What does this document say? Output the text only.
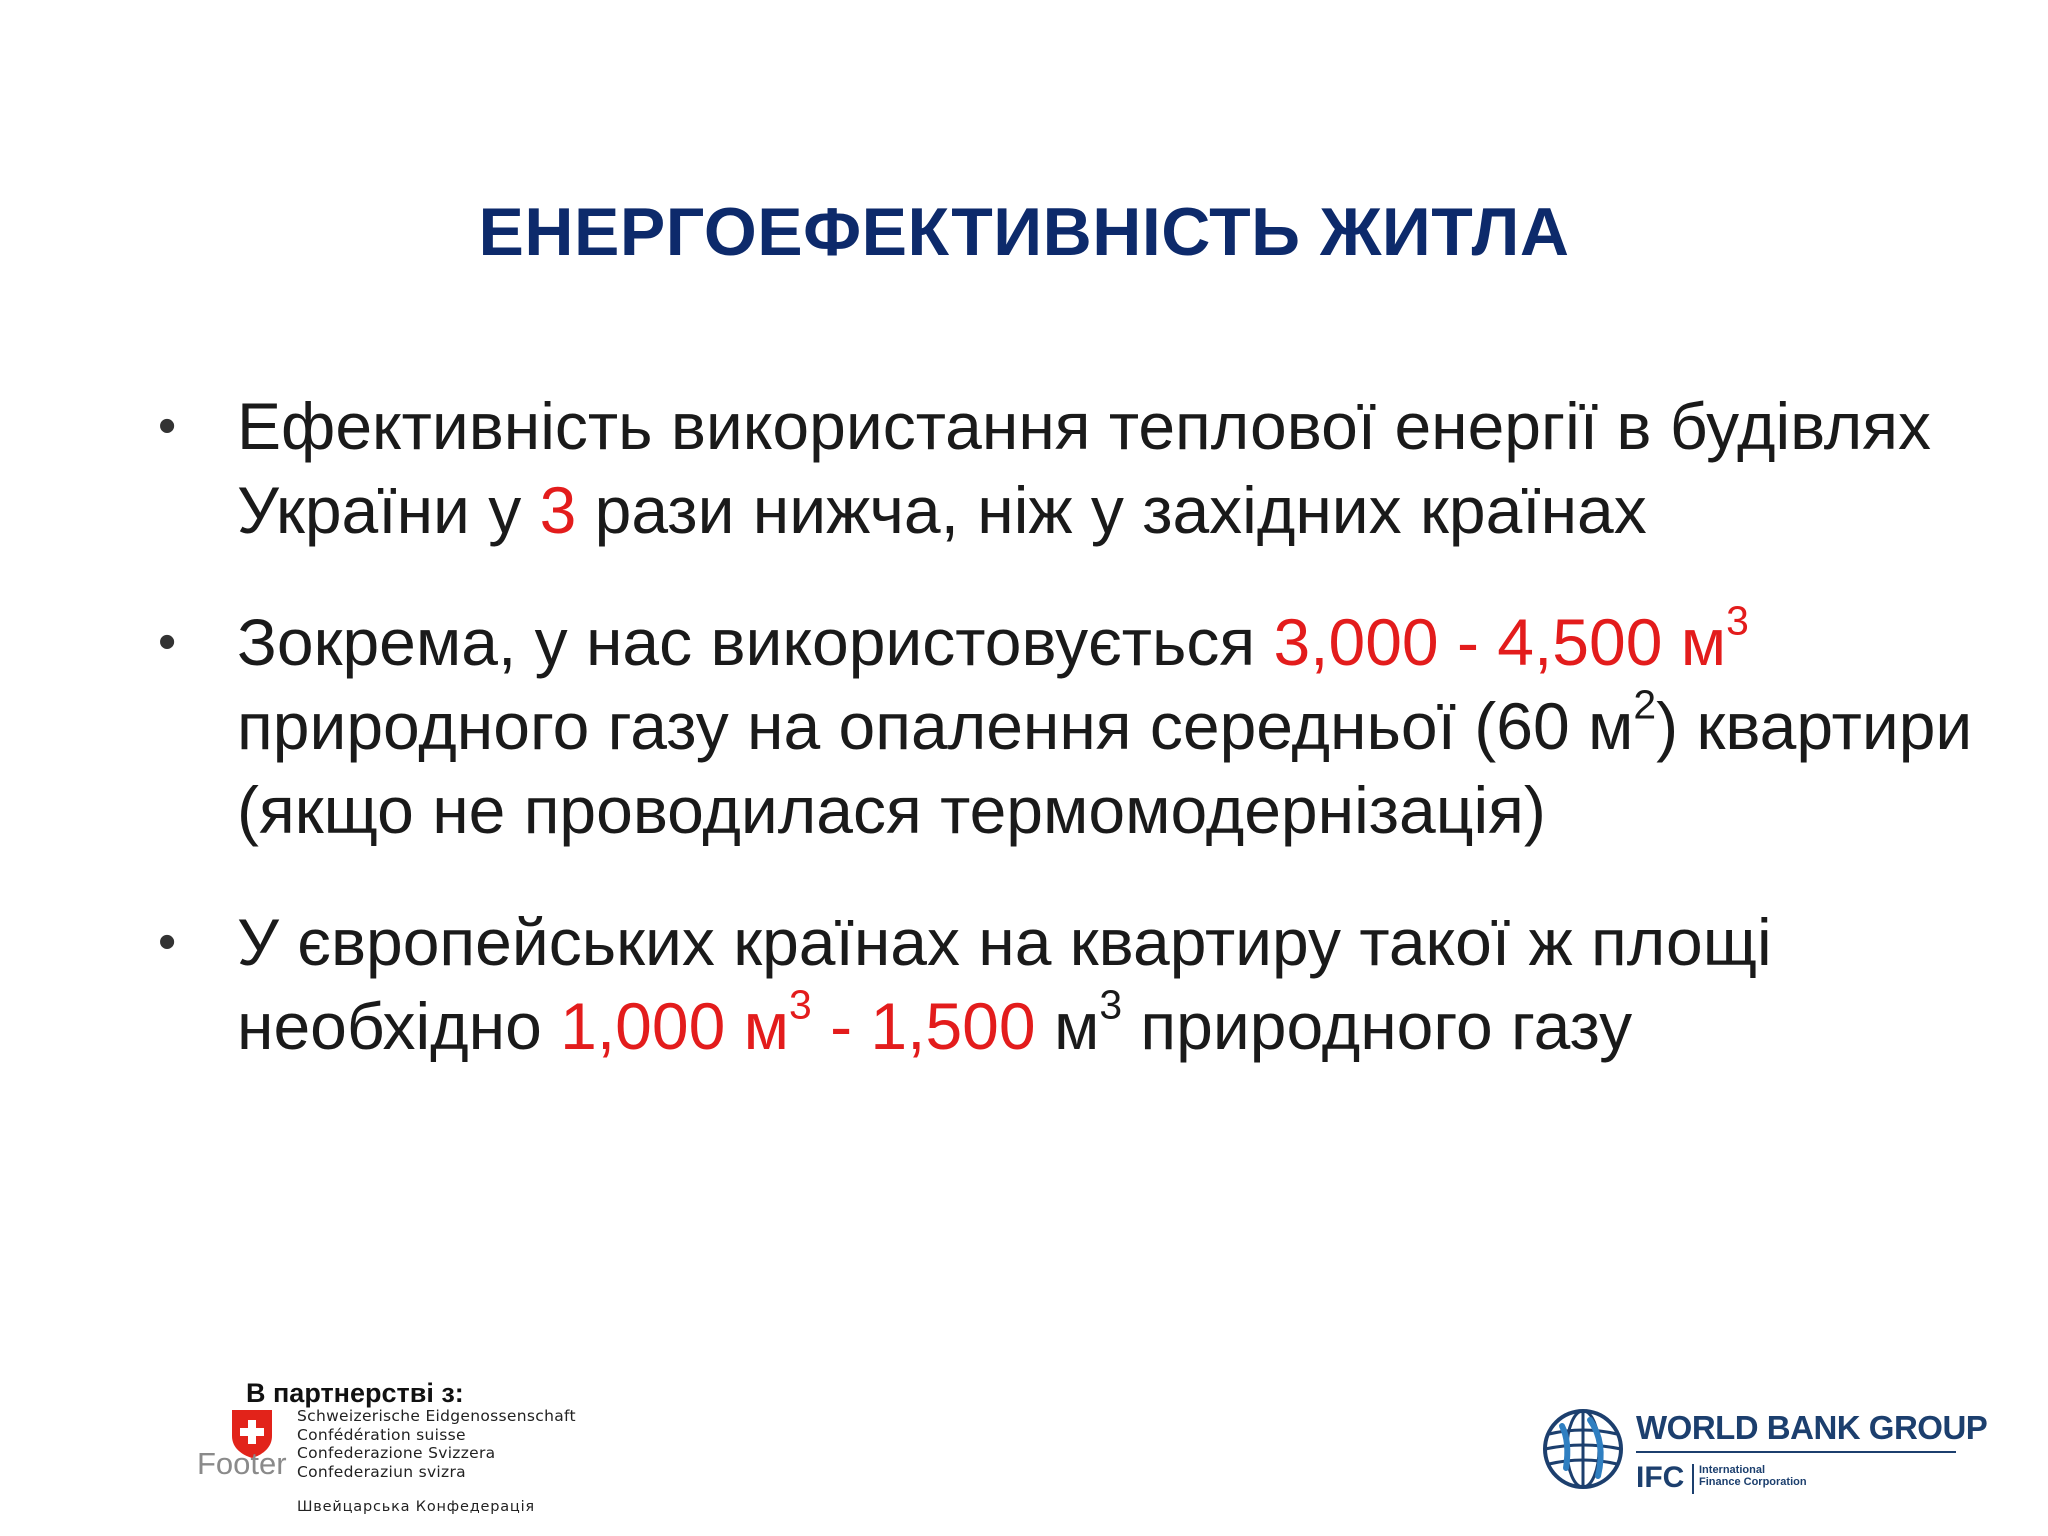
ЕНЕРГОЕФЕКТИВНІСТЬ ЖИТЛА
• Ефективність використання теплової енергії в будівлях України у 3 рази нижча, ніж у західних країнах
• Зокрема, у нас використовується 3,000 - 4,500 $м^3$ природного газу на опалення середньої (60 $м^2$) квартири (якщо не проводилася термомодернізація)
• У європейських країнах на квартиру такої ж площі необхідно 1,000 $м^3 - 1,500$ $м^3$ природного газу
В партнерстві з:
Schweizerische Eidgenossenschaft
Confédération suisse
Confederazione Svizzera
Confederaziun svizra
Footer
Швейцарська Конфедерація
WORLD BANK GROUP
IFC International
Finance Corporation
